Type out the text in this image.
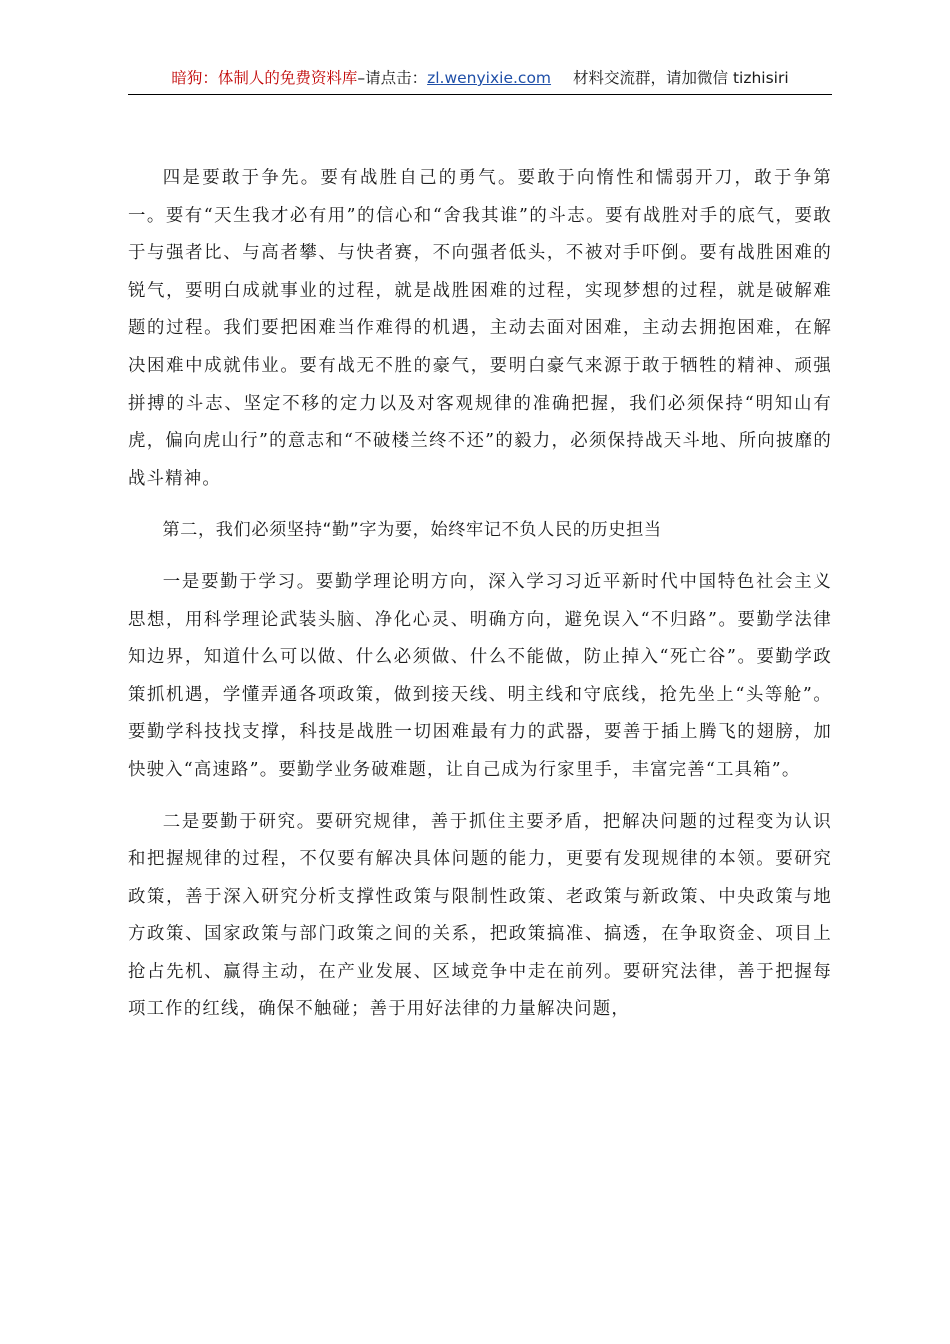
暗狗：体制人的免费资料库–请点击：zl.wenyixie.com 材料交流群，请加微信 tizhisiri

四是要敢于争先。要有战胜自己的勇气。要敢于向惰性和懦弱开刀，敢于争第一。要有“天生我才必有用”的信心和“舍我其谁”的斗志。要有战胜对手的底气，要敢于与强者比、与高者攀、与快者赛，不向强者低头，不被对手吓倒。要有战胜困难的锐气，要明白成就事业的过程，就是战胜困难的过程，实现梦想的过程，就是破解难题的过程。我们要把困难当作难得的机遇，主动去面对困难，主动去拥抱困难，在解决困难中成就伟业。要有战无不胜的豪气，要明白豪气来源于敢于牺牲的精神、顽强拼搏的斗志、坚定不移的定力以及对客观规律的准确把握，我们必须保持“明知山有虎，偏向虎山行”的意志和“不破楼兰终不还”的毅力，必须保持战天斗地、所向披靡的战斗精神。

第二，我们必须坚持“勤”字为要，始终牢记不负人民的历史担当

一是要勤于学习。要勤学理论明方向，深入学习习近平新时代中国特色社会主义思想，用科学理论武装头脑、净化心灵、明确方向，避免误入“不归路”。要勤学法律知边界，知道什么可以做、什么必须做、什么不能做，防止掉入“死亡谷”。要勤学政策抓机遇，学懂弄通各项政策，做到接天线、明主线和守底线，抢先坐上“头等舱”。要勤学科技找支撑，科技是战胜一切困难最有力的武器，要善于插上腾飞的翅膀，加快驶入“高速路”。要勤学业务破难题，让自己成为行家里手，丰富完善“工具箱”。

二是要勤于研究。要研究规律，善于抓住主要矛盾，把解决问题的过程变为认识和把握规律的过程，不仅要有解决具体问题的能力，更要有发现规律的本领。要研究政策，善于深入研究分析支撑性政策与限制性政策、老政策与新政策、中央政策与地方政策、国家政策与部门政策之间的关系，把政策搞准、搞透，在争取资金、项目上抢占先机、赢得主动，在产业发展、区域竞争中走在前列。要研究法律，善于把握每项工作的红线，确保不触碰；善于用好法律的力量解决问题，
